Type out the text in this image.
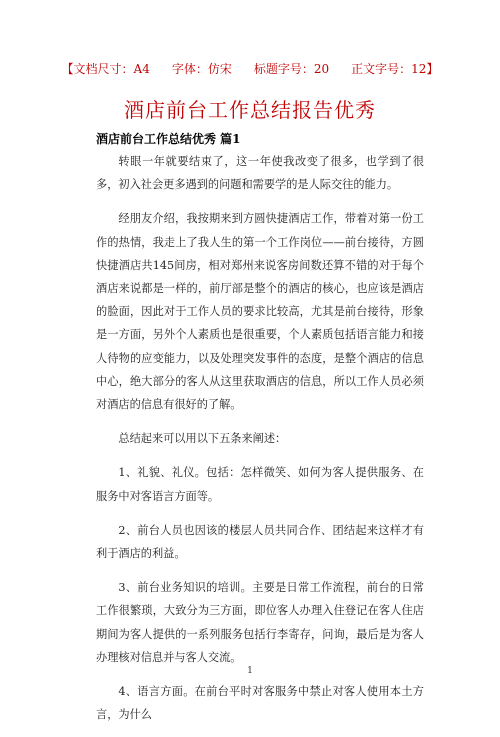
【文档尺寸：A4 字体：仿宋 标题字号：20 正文字号：12】
酒店前台工作总结报告优秀
酒店前台工作总结优秀 篇1

转眼一年就要结束了，这一年使我改变了很多，也学到了很多，初入社会更多遇到的问题和需要学的是人际交往的能力。

经朋友介绍，我按期来到方圆快捷酒店工作，带着对第一份工作的热情，我走上了我人生的第一个工作岗位——前台接待，方圆快捷酒店共145间房，相对郑州来说客房间数还算不错的对于每个酒店来说都是一样的，前厅部是整个的酒店的核心，也应该是酒店的脸面，因此对于工作人员的要求比较高，尤其是前台接待，形象是一方面，另外个人素质也是很重要，个人素质包括语言能力和接人待物的应变能力，以及处理突发事件的态度，是整个酒店的信息中心，绝大部分的客人从这里获取酒店的信息，所以工作人员必须对酒店的信息有很好的了解。

总结起来可以用以下五条来阐述：

1、礼貌、礼仪。包括：怎样微笑、如何为客人提供服务、在服务中对客语言方面等。

2、前台人员也因该的楼层人员共同合作、团结起来这样才有利于酒店的利益。

3、前台业务知识的培训。主要是日常工作流程，前台的日常工作很繁琐，大致分为三方面，即位客人办理入住登记在客人住店期间为客人提供的一系列服务包括行李寄存，问询，最后是为客人办理核对信息并与客人交流。

4、语言方面。在前台平时对客服务中禁止对客人使用本土方言，为什么

1
